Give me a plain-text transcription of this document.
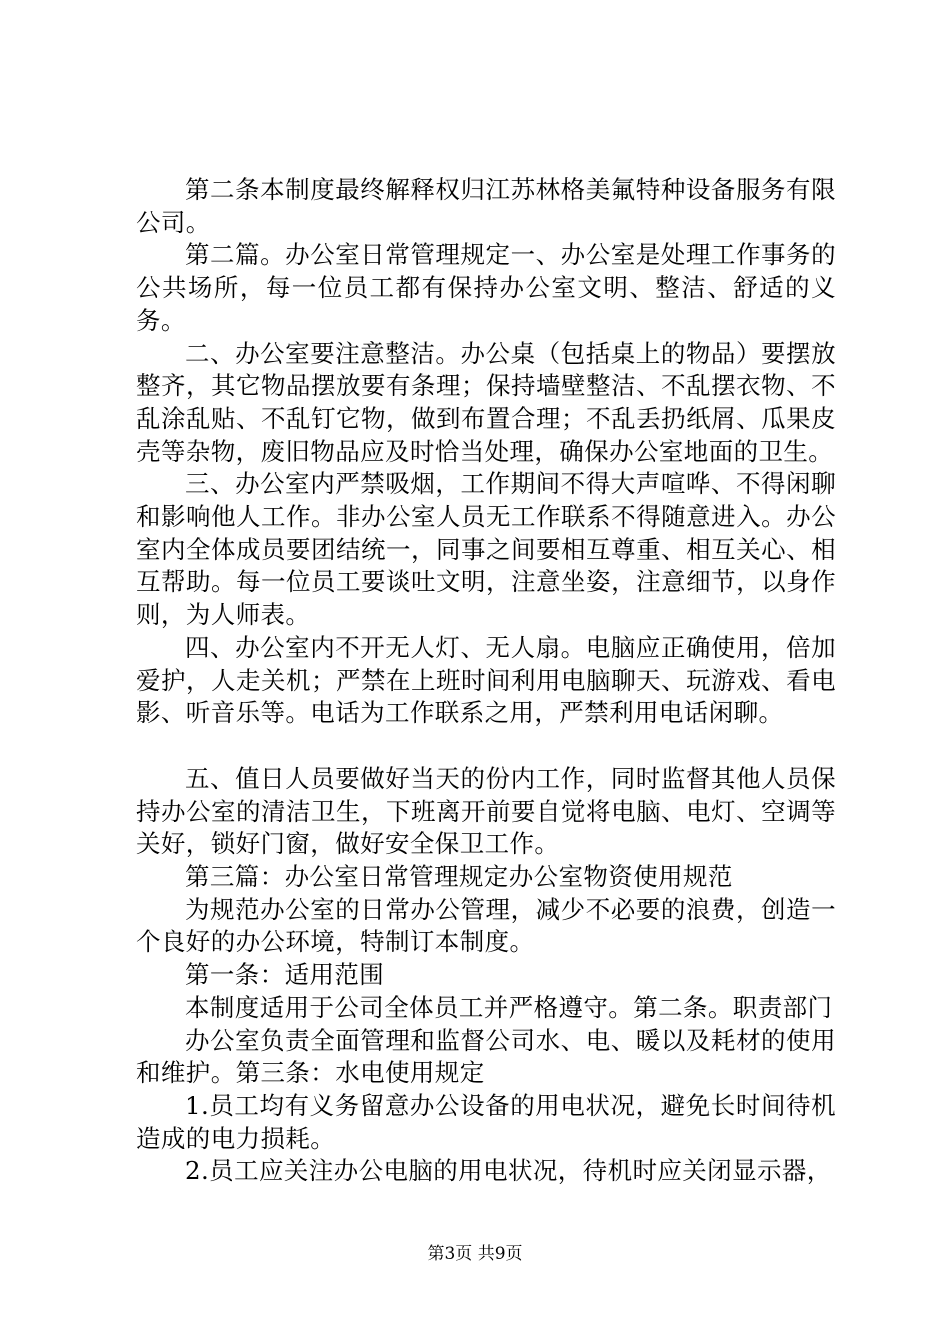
第二条本制度最终解释权归江苏林格美氟特种设备服务有限公司。

第二篇。办公室日常管理规定一、办公室是处理工作事务的公共场所，每一位员工都有保持办公室文明、整洁、舒适的义务。

二、办公室要注意整洁。办公桌（包括桌上的物品）要摆放整齐，其它物品摆放要有条理；保持墙壁整洁、不乱摆衣物、不乱涂乱贴、不乱钉它物，做到布置合理；不乱丢扔纸屑、瓜果皮壳等杂物，废旧物品应及时恰当处理，确保办公室地面的卫生。

三、办公室内严禁吸烟，工作期间不得大声喧哗、不得闲聊和影响他人工作。非办公室人员无工作联系不得随意进入。办公室内全体成员要团结统一，同事之间要相互尊重、相互关心、相互帮助。每一位员工要谈吐文明，注意坐姿，注意细节，以身作则，为人师表。

四、办公室内不开无人灯、无人扇。电脑应正确使用，倍加爱护，人走关机；严禁在上班时间利用电脑聊天、玩游戏、看电影、听音乐等。电话为工作联系之用，严禁利用电话闲聊。

五、值日人员要做好当天的份内工作，同时监督其他人员保持办公室的清洁卫生，下班离开前要自觉将电脑、电灯、空调等关好，锁好门窗，做好安全保卫工作。

第三篇：办公室日常管理规定办公室物资使用规范

为规范办公室的日常办公管理，减少不必要的浪费，创造一个良好的办公环境，特制订本制度。

第一条：适用范围

本制度适用于公司全体员工并严格遵守。第二条。职责部门

办公室负责全面管理和监督公司水、电、暖以及耗材的使用和维护。第三条：水电使用规定

1.员工均有义务留意办公设备的用电状况，避免长时间待机造成的电力损耗。

2.员工应关注办公电脑的用电状况，待机时应关闭显示器，

第3页 共9页
